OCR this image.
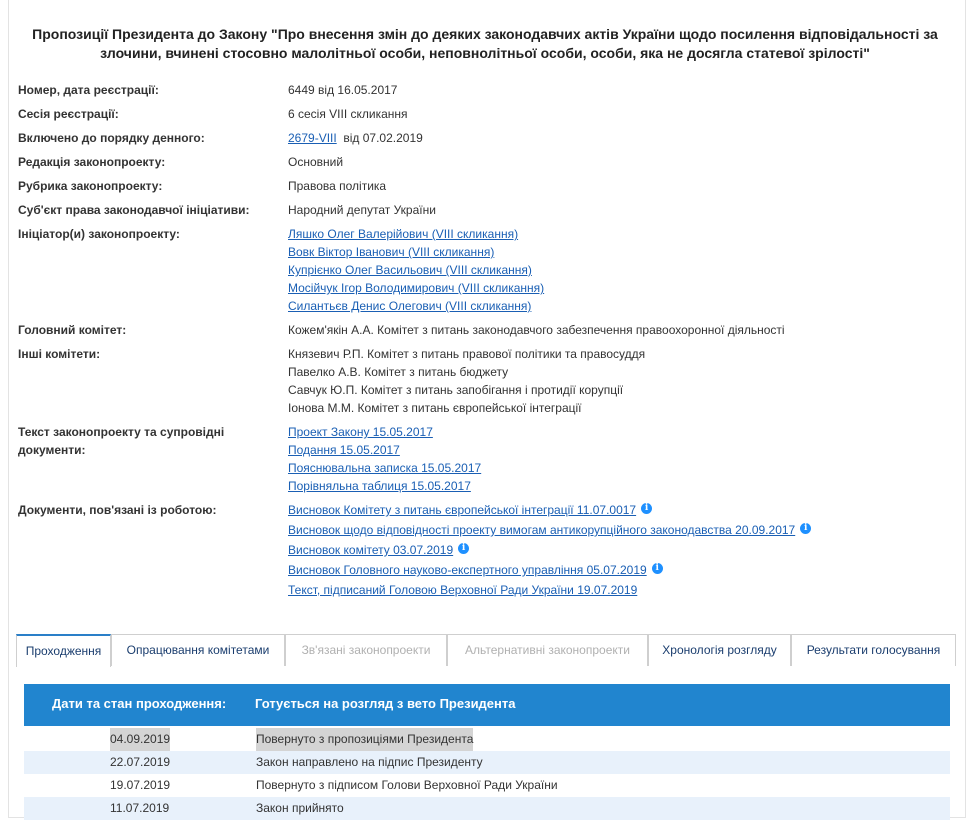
Пропозиції Президента до Закону "Про внесення змін до деяких законодавчих актів України щодо посилення відповідальності за
злочини, вчинені стосовно малолітньої особи, неповнолітньої особи, особи, яка не досягла статевої зрілості"
Номер, дата реєстрації:	6449 від 16.05.2017
Сесія реєстрації:	6 сесія VIII скликання
Включено до порядку денного:	2679-VIII від 07.02.2019
Редакція законопроекту:	Основний
Рубрика законопроекту:	Правова політика
Суб'єкт права законодавчої ініціативи:	Народний депутат України
Ініціатор(и) законопроекту:	Ляшко Олег Валерійович (VIII скликання)
Вовк Віктор Іванович (VIII скликання)
Купрієнко Олег Васильович (VIII скликання)
Мосійчук Ігор Володимирович (VIII скликання)
Силантьєв Денис Олегович (VIII скликання)
Головний комітет:	Кожем'якін А.А. Комітет з питань законодавчого забезпечення правоохоронної діяльності
Інші комітети:	Князевич Р.П. Комітет з питань правової політики та правосуддя
Павелко А.В. Комітет з питань бюджету
Савчук Ю.П. Комітет з питань запобігання і протидії корупції
Іонова М.М. Комітет з питань європейської інтеграції
Текст законопроекту та супровідні
документи:
Проект Закону 15.05.2017
Подання 15.05.2017
Пояснювальна записка 15.05.2017
Порівняльна таблиця 15.05.2017
Документи, пов'язані із роботою:	Висновок Комітету з питань європейської інтеграції 11.07.0017 i
Висновок щодо відповідності проекту вимогам антикорупційного законодавства 20.09.2017 i
Висновок комітету 03.07.2019 i
Висновок Головного науково-експертного управління 05.07.2019 i
Текст, підписаний Головою Верховної Ради України 19.07.2019
Проходження	Опрацювання комітетами	Зв'язані законопроекти	Альтернативні законопроекти	Хронологія розгляду	Результати голосування
Дати та стан проходження: Готується на розгляд з вето Президента
04.09.2019	Повернуто з пропозиціями Президента
22.07.2019	Закон направлено на підпис Президенту
19.07.2019	Повернуто з підписом Голови Верховної Ради України
11.07.2019	Закон прийнято
